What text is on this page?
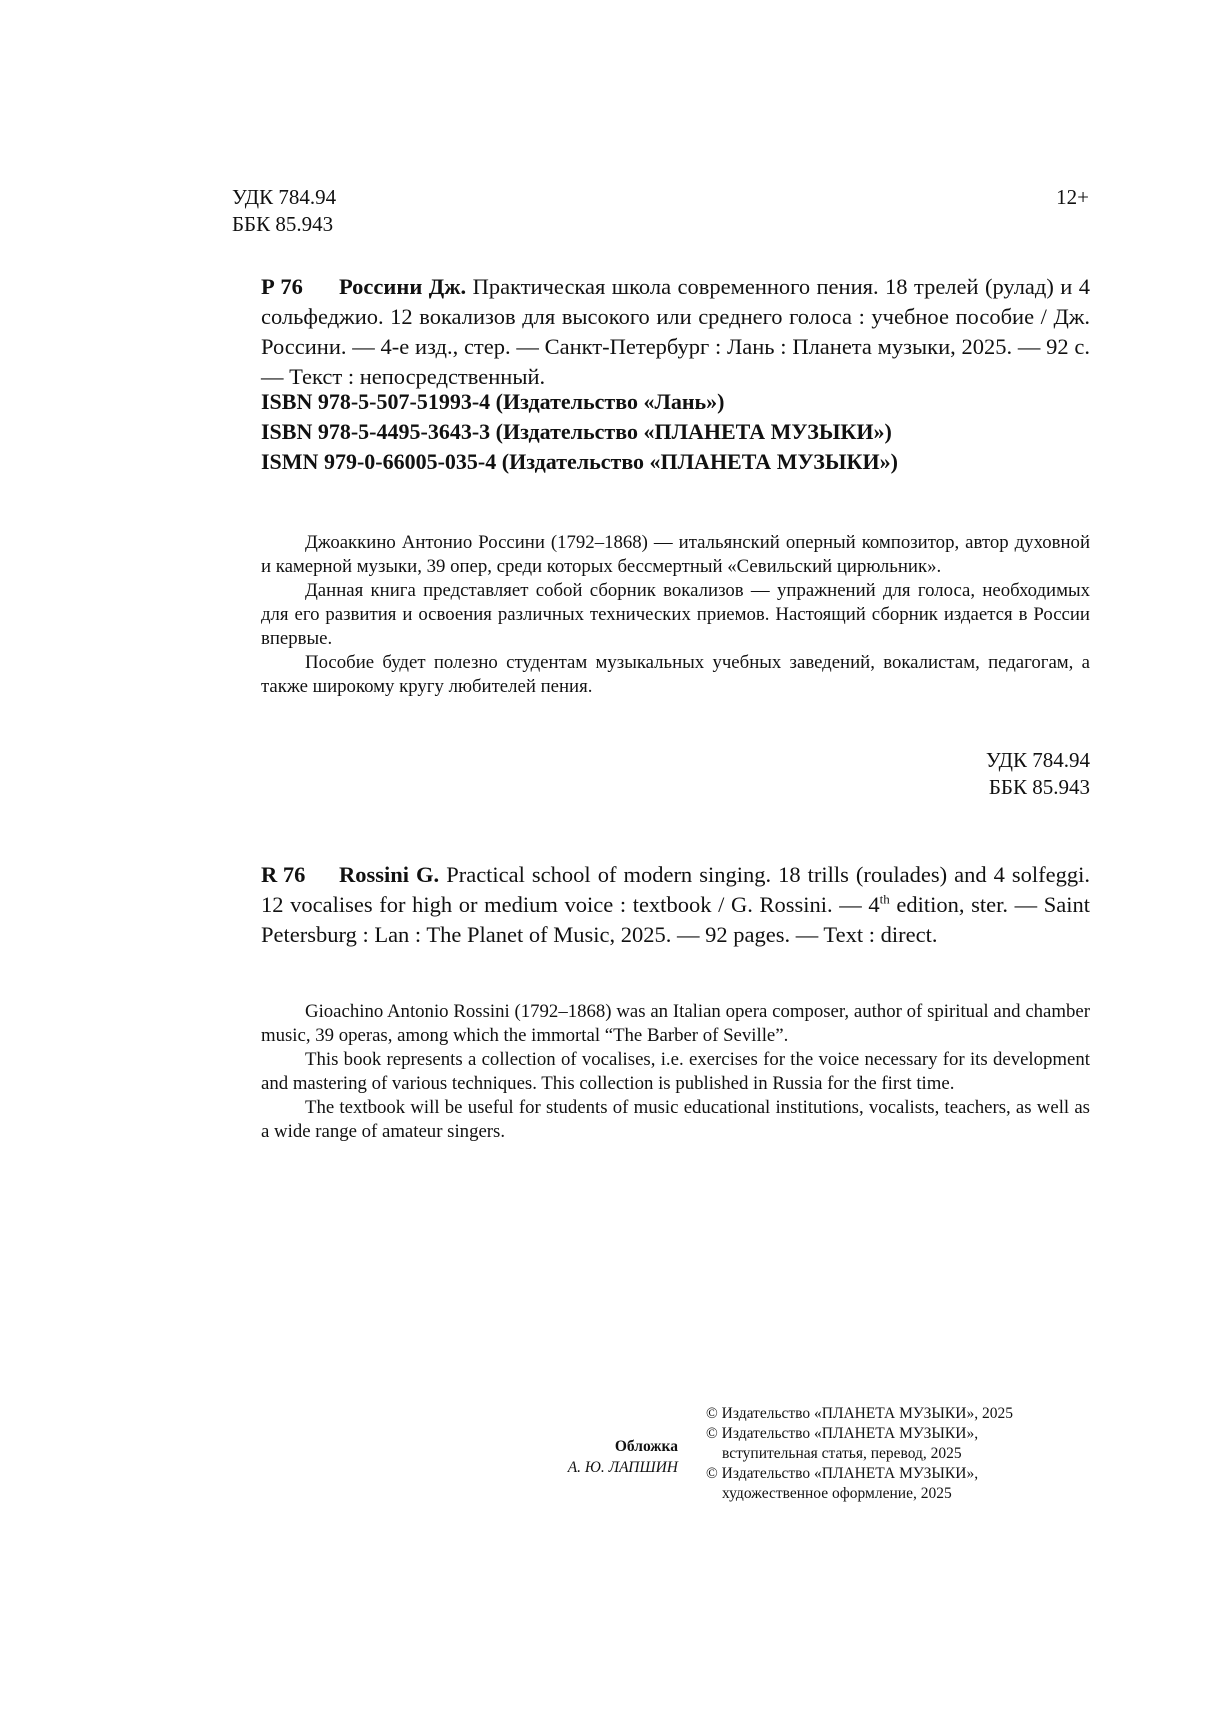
УДК 784.94
ББК 85.943
12+
Р 76 Россини Дж. Практическая школа современного пения. 18 трелей (рулад) и 4 сольфеджио. 12 вокализов для высокого или среднего голоса : учебное пособие / Дж. Россини. — 4-е изд., стер. — Санкт-Петербург : Лань : Планета музыки, 2025. — 92 с. — Текст : непосредственный.
ISBN 978-5-507-51993-4 (Издательство «Лань»)
ISBN 978-5-4495-3643-3 (Издательство «ПЛАНЕТА МУЗЫКИ»)
ISMN 979-0-66005-035-4 (Издательство «ПЛАНЕТА МУЗЫКИ»)

Джоаккино Антонио Россини (1792–1868) — итальянский оперный композитор, автор духовной и камерной музыки, 39 опер, среди которых бессмертный «Севильский цирюльник».

Данная книга представляет собой сборник вокализов — упражнений для голоса, необходимых для его развития и освоения различных технических приемов. Настоящий сборник издается в России впервые.

Пособие будет полезно студентам музыкальных учебных заведений, вокалистам, педагогам, а также широкому кругу любителей пения.

УДК 784.94
ББК 85.943
R 76 Rossini G. Practical school of modern singing. 18 trills (roulades) and 4 solfeggi. 12 vocalises for high or medium voice : textbook / G. Rossini. — 4th edition, ster. — Saint Petersburg : Lan : The Planet of Music, 2025. — 92 pages. — Text : direct.

Gioachino Antonio Rossini (1792–1868) was an Italian opera composer, author of spiritual and chamber music, 39 operas, among which the immortal “The Barber of Seville”.

This book represents a collection of vocalises, i.e. exercises for the voice necessary for its development and mastering of various techniques. This collection is published in Russia for the first time.

The textbook will be useful for students of music educational institutions, vocalists, teachers, as well as a wide range of amateur singers.

Обложка
А. Ю. ЛАПШИН
© Издательство «ПЛАНЕТА МУЗЫКИ», 2025
© Издательство «ПЛАНЕТА МУЗЫКИ»,
вступительная статья, перевод, 2025
© Издательство «ПЛАНЕТА МУЗЫКИ»,
художественное оформление, 2025
